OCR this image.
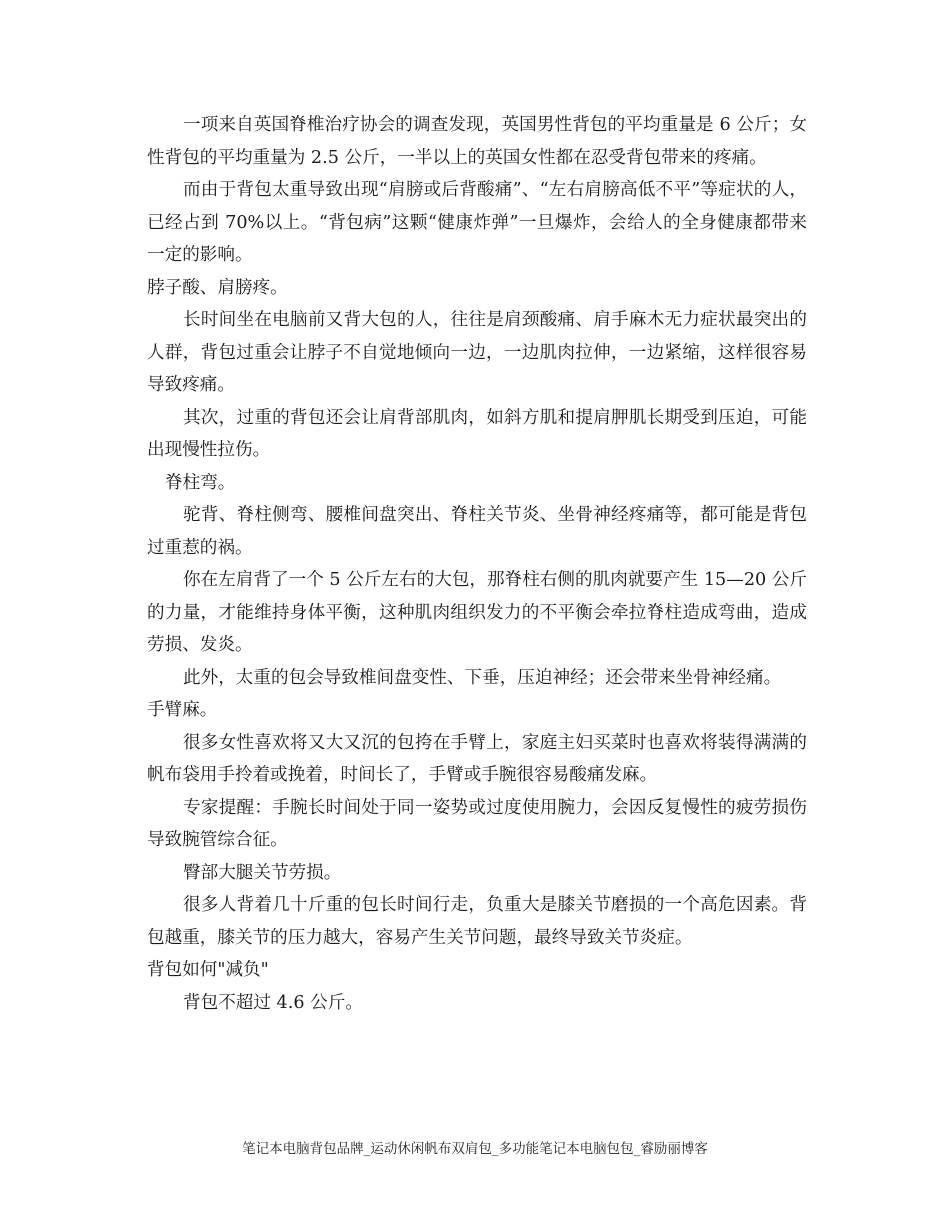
一项来自英国脊椎治疗协会的调查发现，英国男性背包的平均重量是 6 公斤；女性背包的平均重量为 2.5 公斤，一半以上的英国女性都在忍受背包带来的疼痛。

而由于背包太重导致出现“肩膀或后背酸痛”、“左右肩膀高低不平”等症状的人，已经占到 70%以上。“背包病”这颗“健康炸弹”一旦爆炸，会给人的全身健康都带来一定的影响。

脖子酸、肩膀疼。

长时间坐在电脑前又背大包的人，往往是肩颈酸痛、肩手麻木无力症状最突出的人群，背包过重会让脖子不自觉地倾向一边，一边肌肉拉伸，一边紧缩，这样很容易导致疼痛。

其次，过重的背包还会让肩背部肌肉，如斜方肌和提肩胛肌长期受到压迫，可能出现慢性拉伤。

脊柱弯。

驼背、脊柱侧弯、腰椎间盘突出、脊柱关节炎、坐骨神经疼痛等，都可能是背包过重惹的祸。

你在左肩背了一个 5 公斤左右的大包，那脊柱右侧的肌肉就要产生 15—20 公斤的力量，才能维持身体平衡，这种肌肉组织发力的不平衡会牵拉脊柱造成弯曲，造成劳损、发炎。

此外，太重的包会导致椎间盘变性、下垂，压迫神经；还会带来坐骨神经痛。

手臂麻。

很多女性喜欢将又大又沉的包挎在手臂上，家庭主妇买菜时也喜欢将装得满满的帆布袋用手拎着或挽着，时间长了，手臂或手腕很容易酸痛发麻。

专家提醒：手腕长时间处于同一姿势或过度使用腕力，会因反复慢性的疲劳损伤导致腕管综合征。

臀部大腿关节劳损。

很多人背着几十斤重的包长时间行走，负重大是膝关节磨损的一个高危因素。背包越重，膝关节的压力越大，容易产生关节问题，最终导致关节炎症。

背包如何"减负"

背包不超过 4.6 公斤。

笔记本电脑背包品牌_运动休闲帆布双肩包_多功能笔记本电脑包包_睿励丽博客
